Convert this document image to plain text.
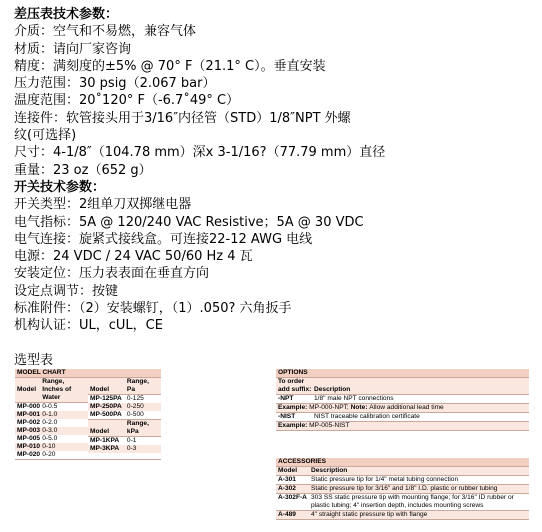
差压表技术参数：
介质：空气和不易燃，兼容气体
材质：请向厂家咨询
精度：满刻度的±5% @ 70° F（21.1° C）。垂直安装
压力范围：30 psig（2.067 bar）
温度范围：20˚120° F（-6.7˚49° C）
连接件：软管接头用于3/16″内径管（STD）1/8″NPT 外螺
纹(可选择)
尺寸：4-1/8″（104.78 mm）深x 3-1/16?（77.79 mm）直径
重量：23 oz（652 g）
开关技术参数：
开关类型：2组单刀双掷继电器
电气指标：5A @ 120/240 VAC Resistive；5A @ 30 VDC
电气连接：旋紧式接线盒。可连接22-12 AWG 电线
电源：24 VDC / 24 VAC 50/60 Hz 4 瓦
安装定位：压力表表面在垂直方向
设定点调节：按键
标准附件：（2）安装螺钉，（1）.050? 六角扳手
机构认证：UL，cUL，CE
选型表
MODEL CHART
Range,
Model Inches of Water
MP-000 0-0.5
MP-001 0-1.0
MP-002 0-2.0
MP-003 0-3.0
MP-005 0-5.0
MP-010 0-10
MP-020 0-20
Range,
Model	Pa
MP-125PA 0-125
MP-250PA 0-250
MP-500PA 0-500
Range,
Model	kPa
MP-1KPA	0-1
MP-3KPA	0-3
OPTIONS
To order
add suffix: Description
-NPT	1/8" male NPT connections
Example:
MP-000-NPT;
Note:
Allow additional lead time
-NIST	NIST traceable calibration certificate
Example:
MP-005-NIST
ACCESSORIES
Model	Description
A-301	Static pressure tip for 1/4" metal tubing connection
A-302	Static pressure tip for 3/16" and 1/8" I.D. plastic or rubber tubing
A-302F-A 303 SS static pressure tip with mounting flange; for 3/16" ID rubber or
plastic tubing; 4" insertion depth, includes mounting screws
A-489	4" straight static pressure tip with flange
